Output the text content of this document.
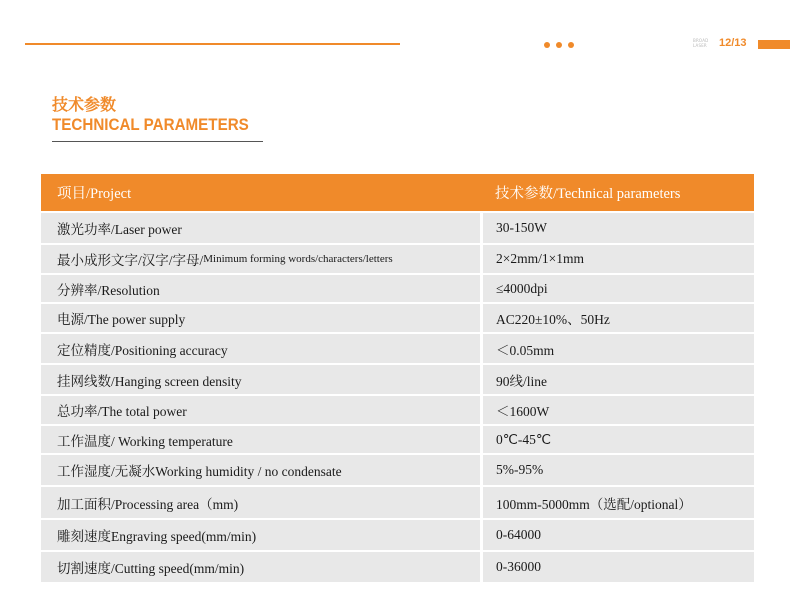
BROAD
LASER 12/13
技术参数
TECHNICAL PARAMETERS
项目/Project	技术参数/Technical parameters
激光功率/Laser power	30-150W
最小成形文字/汉字/字母/ Minimum forming words/characters/letters	2×2mm/1×1mm
分辨率/Resolution	≤4000dpi
电源/The power supply	AC220±10%、50Hz
定位精度/Positioning accuracy	＜0.05mm
挂网线数/Hanging screen density	90线/line
总功率/The total power	＜1600W
工作温度/ Working temperature	0℃-45℃
工作湿度/无凝水Working humidity / no condensate	5%-95%
加工面积/Processing area（mm)	100mm-5000mm（选配/optional）
雕刻速度Engraving speed(mm/min)	0-64000
切割速度/Cutting speed(mm/min)	0-36000
